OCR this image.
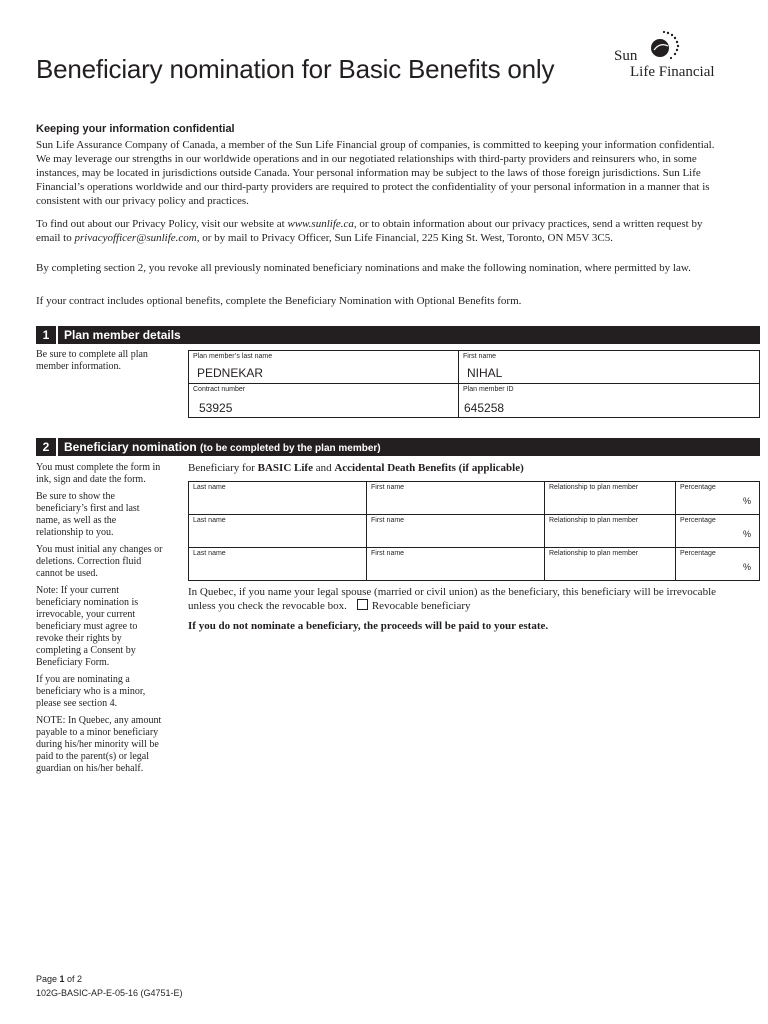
Beneficiary nomination for Basic Benefits only	Sun
Life Financial
Keeping your information confidential
Sun Life Assurance Company of Canada, a member of the Sun Life Financial group of companies, is committed to keeping your information confidential. We may leverage our strengths in our worldwide operations and in our negotiated relationships with third-party providers and reinsurers who, in some instances, may be located in jurisdictions outside Canada. Your personal information may be subject to the laws of those foreign jurisdictions. Sun Life Financial’s operations worldwide and our third-party providers are required to protect the confidentiality of your personal information in a manner that is consistent with our privacy policy and practices.
To find out about our Privacy Policy, visit our website at www.sunlife.ca, or to obtain information about our privacy practices, send a written request by email to privacyofficer@sunlife.com, or by mail to Privacy Officer, Sun Life Financial, 225 King St. West, Toronto, ON M5V 3C5.
By completing section 2, you revoke all previously nominated beneficiary nominations and make the following nomination, where permitted by law.
If your contract includes optional benefits, complete the Beneficiary Nomination with Optional Benefits form.
1	Plan member details
Be sure to complete all plan member information.
Plan member’s last name
PEDNEKAR
First name
NIHAL
Contract number
53925
Plan member ID
645258
2	Beneficiary nomination (to be completed by the plan member)

You must complete the form in ink, sign and date the form.

Be sure to show the beneficiary’s first and last name, as well as the relationship to you.

You must initial any changes or deletions. Correction fluid cannot be used.

Note: If your current beneficiary nomination is irrevocable, your current beneficiary must agree to revoke their rights by completing a Consent by Beneficiary Form.

If you are nominating a beneficiary who is a minor, please see section 4.

NOTE: In Quebec, any amount payable to a minor beneficiary during his/her minority will be paid to the parent(s) or legal guardian on his/her behalf.

Beneficiary for BASIC Life and Accidental Death Benefits (if applicable)
Last name	First name	Relationship to plan member	Percentage
%
Last name	First name	Relationship to plan member	Percentage
%
Last name	First name	Relationship to plan member	Percentage
%
In Quebec, if you name your legal spouse (married or civil union) as the beneficiary, this beneficiary will be irrevocable unless you check the revocable box. Revocable beneficiary
If you do not nominate a beneficiary, the proceeds will be paid to your estate.
Page 1 of 2
102G-BASIC-AP-E-05-16 (G4751-E)
